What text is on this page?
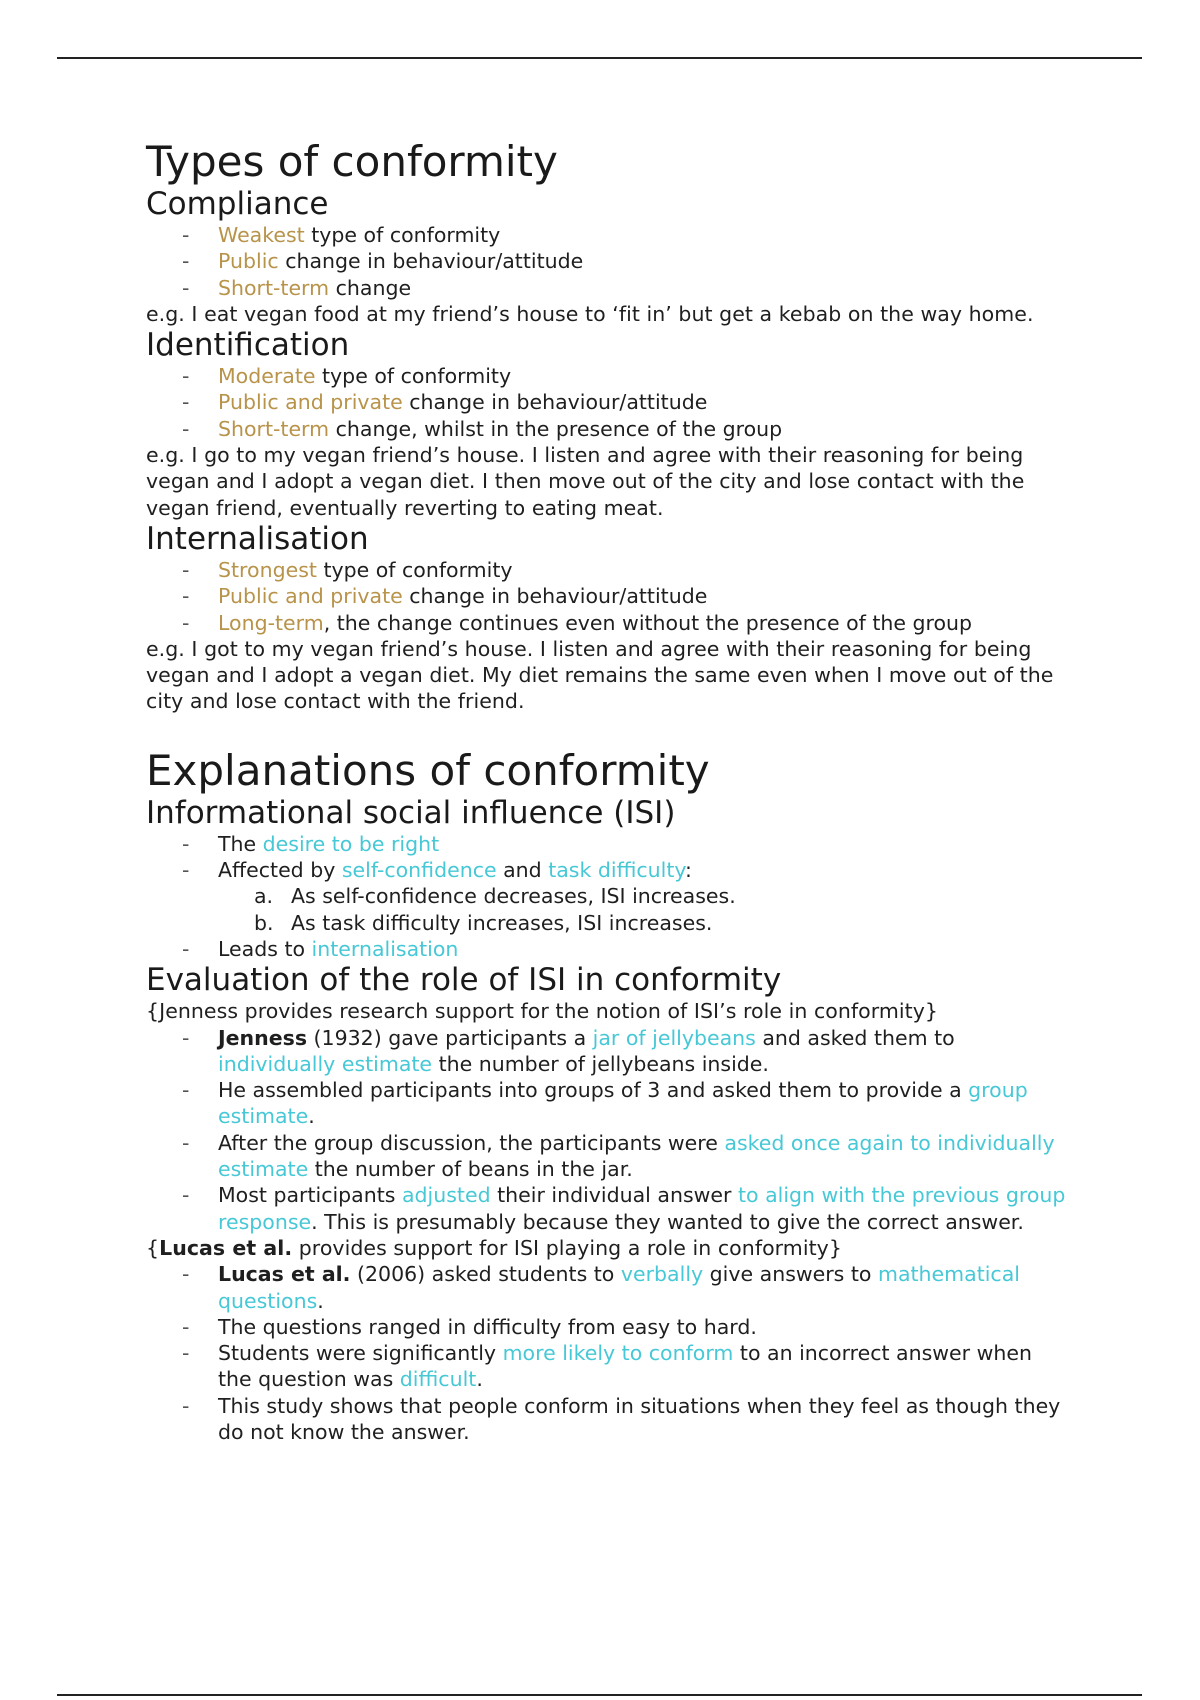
Types of conformity
Compliance
- Weakest type of conformity
- Public change in behaviour/attitude
- Short-term change

e.g. I eat vegan food at my friend’s house to ‘fit in’ but get a kebab on the way home.

Identification
- Moderate type of conformity
- Public and private change in behaviour/attitude
- Short-term change, whilst in the presence of the group

e.g. I go to my vegan friend’s house. I listen and agree with their reasoning for being vegan and I adopt a vegan diet. I then move out of the city and lose contact with the vegan friend, eventually reverting to eating meat.

Internalisation
- Strongest type of conformity
- Public and private change in behaviour/attitude
- Long-term, the change continues even without the presence of the group

e.g. I got to my vegan friend’s house. I listen and agree with their reasoning for being vegan and I adopt a vegan diet. My diet remains the same even when I move out of the city and lose contact with the friend.

Explanations of conformity
Informational social influence (ISI)
- The desire to be right
- Affected by self-confidence and task difficulty:
a. As self-confidence decreases, ISI increases.
b. As task difficulty increases, ISI increases.
- Leads to internalisation
Evaluation of the role of ISI in conformity

{Jenness provides research support for the notion of ISI’s role in conformity}

- Jenness (1932) gave participants a jar of jellybeans and asked them to individually estimate the number of jellybeans inside.
- He assembled participants into groups of 3 and asked them to provide a group estimate.
- After the group discussion, the participants were asked once again to individually estimate the number of beans in the jar.
- Most participants adjusted their individual answer to align with the previous group response. This is presumably because they wanted to give the correct answer.

{Lucas et al. provides support for ISI playing a role in conformity}

- Lucas et al. (2006) asked students to verbally give answers to mathematical questions.
- The questions ranged in difficulty from easy to hard.
- Students were significantly more likely to conform to an incorrect answer when the question was difficult.
- This study shows that people conform in situations when they feel as though they do not know the answer.
